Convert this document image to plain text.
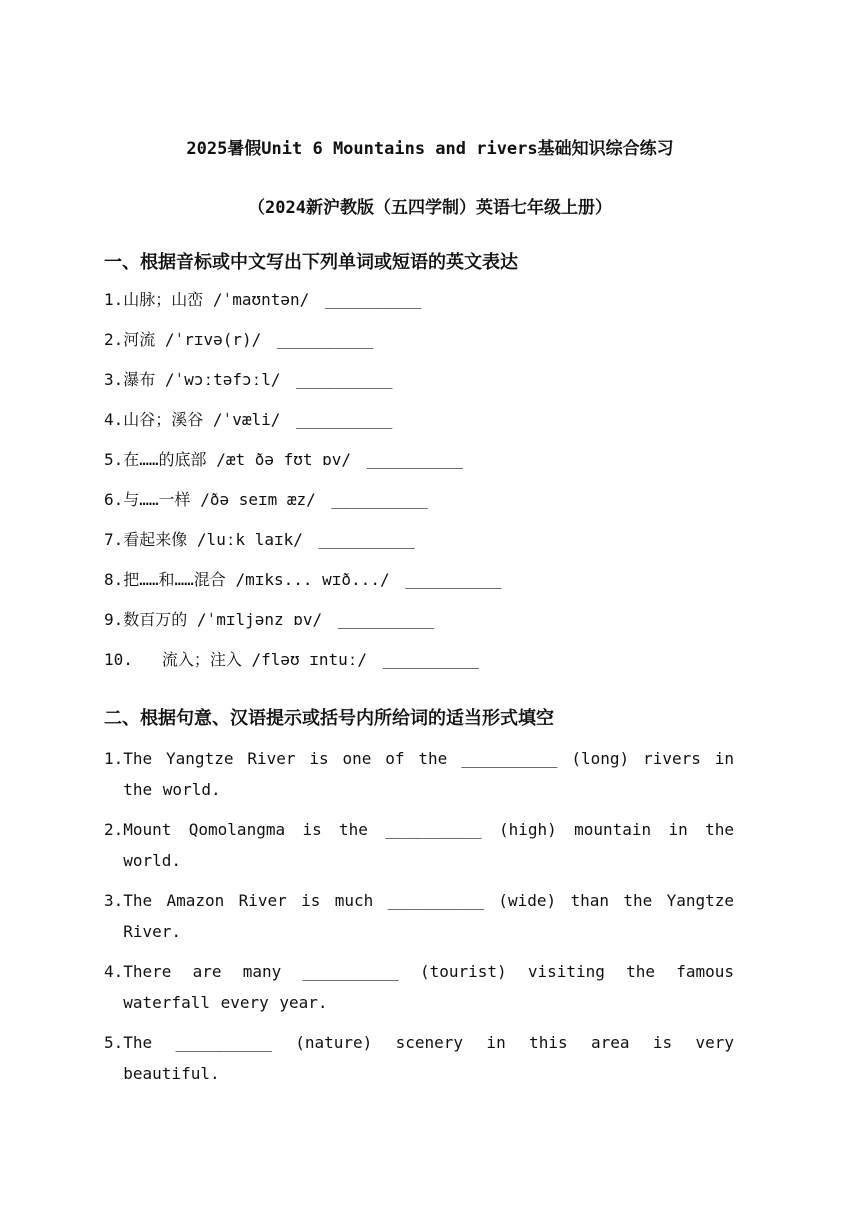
2025暑假Unit 6 Mountains and rivers基础知识综合练习
（2024新沪教版（五四学制）英语七年级上册）
一、根据音标或中文写出下列单词或短语的英文表达
1.山脉；山峦 /ˈmaʊntən/ __________
2.河流 /ˈrɪvə(r)/ __________
3.瀑布 /ˈwɔːtəfɔːl/ __________
4.山谷；溪谷 /ˈvæli/ __________
5.在……的底部 /æt ðə fʊt ɒv/ __________
6.与……一样 /ðə seɪm æz/ __________
7.看起来像 /luːk laɪk/ __________
8.把……和……混合 /mɪks... wɪð.../ __________
9.数百万的 /ˈmɪljənz ɒv/ __________
10. 流入；注入 /fləʊ ɪntuː/ __________
二、根据句意、汉语提示或括号内所给词的适当形式填空
1. The Yangtze River is one of the __________ (long) rivers in the world.
2. Mount Qomolangma is the __________ (high) mountain in the world.
3. The Amazon River is much __________ (wide) than the Yangtze River.
4. There are many __________ (tourist) visiting the famous waterfall every year.
5. The __________ (nature) scenery in this area is very beautiful.
